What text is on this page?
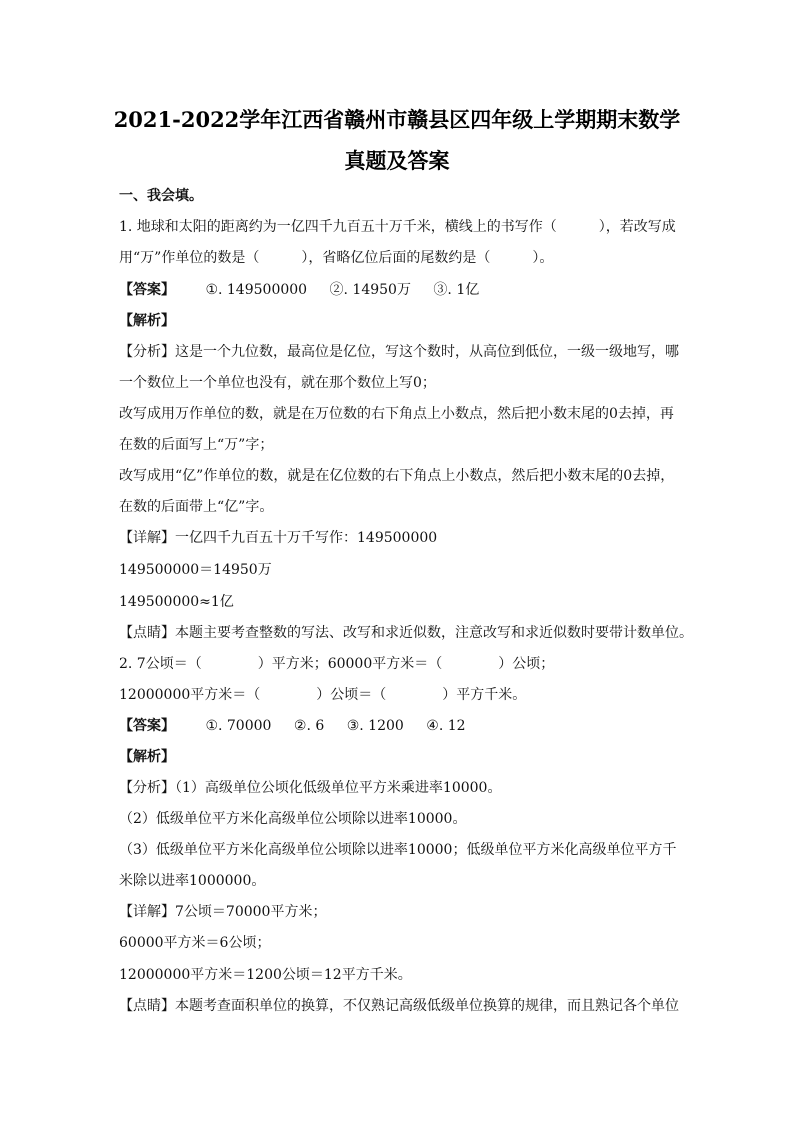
2021-2022学年江西省赣州市赣县区四年级上学期期末数学
真题及答案
一、我会填。
1. 地球和太阳的距离约为一亿四千九百五十万千米，横线上的书写作（　　　），若改写成
用“万”作单位的数是（　　　），省略亿位后面的尾数约是（　　　）。
【答案】 ①. 149500000 ②. 14950万 ③. 1亿
【解析】
【分析】这是一个九位数，最高位是亿位，写这个数时，从高位到低位，一级一级地写，哪
一个数位上一个单位也没有，就在那个数位上写0；
改写成用万作单位的数，就是在万位数的右下角点上小数点，然后把小数末尾的0去掉，再
在数的后面写上“万”字；
改写成用“亿”作单位的数，就是在亿位数的右下角点上小数点，然后把小数末尾的0去掉，
在数的后面带上“亿”字。
【详解】一亿四千九百五十万千写作：149500000
149500000＝14950万
149500000≈1亿
【点睛】本题主要考查整数的写法、改写和求近似数，注意改写和求近似数时要带计数单位。
2. 7公顷＝（　　　　）平方米；60000平方米＝（　　　　）公顷；
12000000平方米＝（　　　　）公顷＝（　　　　）平方千米。
【答案】 ①. 70000 ②. 6 ③. 1200 ④. 12
【解析】
【分析】（1）高级单位公顷化低级单位平方米乘进率10000。
（2）低级单位平方米化高级单位公顷除以进率10000。
（3）低级单位平方米化高级单位公顷除以进率10000；低级单位平方米化高级单位平方千
米除以进率1000000。
【详解】7公顷＝70000平方米；
60000平方米＝6公顷；
12000000平方米＝1200公顷＝12平方千米。
【点睛】本题考查面积单位的换算，不仅熟记高级低级单位换算的规律，而且熟记各个单位
